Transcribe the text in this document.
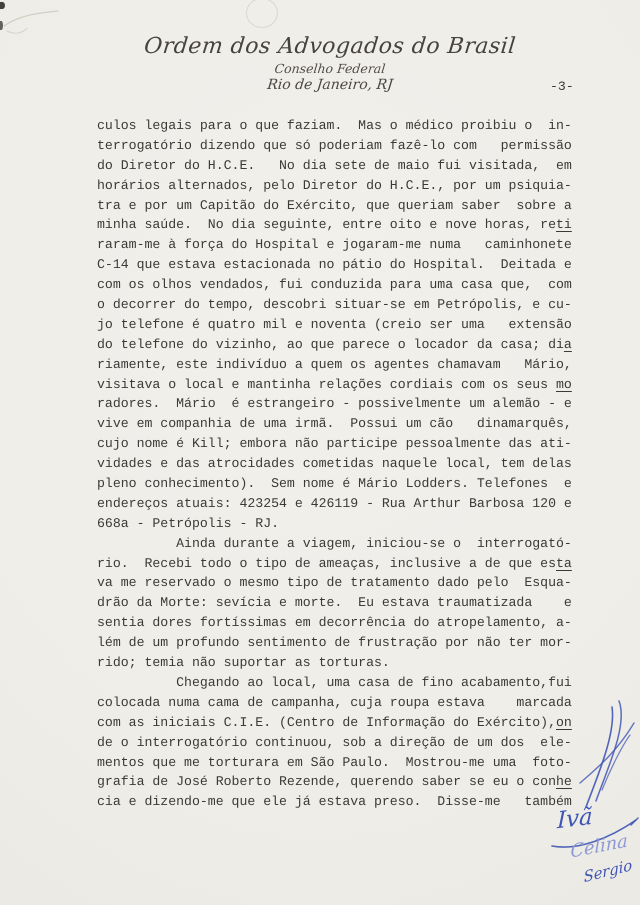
Ordem dos Advogados do Brasil
Conselho Federal
Rio de Janeiro, RJ	-3-
culos legais para o que faziam.  Mas o médico proibiu o  in-
terrogatório dizendo que só poderiam fazê-lo com   permissão
do Diretor do H.C.E.   No dia sete de maio fui visitada,  em
horários alternados, pelo Diretor do H.C.E., por um psiquia-
tra e por um Capitão do Exército, que queriam saber  sobre a
minha saúde.  No dia seguinte, entre oito e nove horas, reti
raram-me à força do Hospital e jogaram-me numa   caminhonete
C-14 que estava estacionada no pátio do Hospital.  Deitada e
com os olhos vendados, fui conduzida para uma casa que,  com
o decorrer do tempo, descobri situar-se em Petrópolis, e cu-
jo telefone é quatro mil e noventa (creio ser uma   extensão
do telefone do vizinho, ao que parece o locador da casa; dia
riamente, este indivíduo a quem os agentes chamavam   Mário,
visitava o local e mantinha relações cordiais com os seus mo
radores.  Mário  é estrangeiro - possivelmente um alemão - e
vive em companhia de uma irmã.  Possui um cão   dinamarquês,
cujo nome é Kill; embora não participe pessoalmente das ati-
vidades e das atrocidades cometidas naquele local, tem delas
pleno conhecimento).  Sem nome é Mário Lodders. Telefones  e
endereços atuais: 423254 e 426119 - Rua Arthur Barbosa 120 e
668a - Petrópolis - RJ.
Ainda durante a viagem, iniciou-se o  interrogató-
rio.  Recebi todo o tipo de ameaças, inclusive a de que esta
va me reservado o mesmo tipo de tratamento dado pelo  Esqua-
drão da Morte: sevícia e morte.  Eu estava traumatizada    e
sentia dores fortíssimas em decorrência do atropelamento, a-
lém de um profundo sentimento de frustração por não ter mor-
rido; temia não suportar as torturas.
Chegando ao local, uma casa de fino acabamento,fui
colocada numa cama de campanha, cuja roupa estava    marcada
com as iniciais C.I.E. (Centro de Informação do Exército),on
de o interrogatório continuou, sob a direção de um dos  ele-
mentos que me torturara em São Paulo.  Mostrou-me uma  foto-
grafia de José Roberto Rezende, querendo saber se eu o conhe
cia e dizendo-me que ele já estava preso.  Disse-me   também
Ivã
Celina
Sergio
